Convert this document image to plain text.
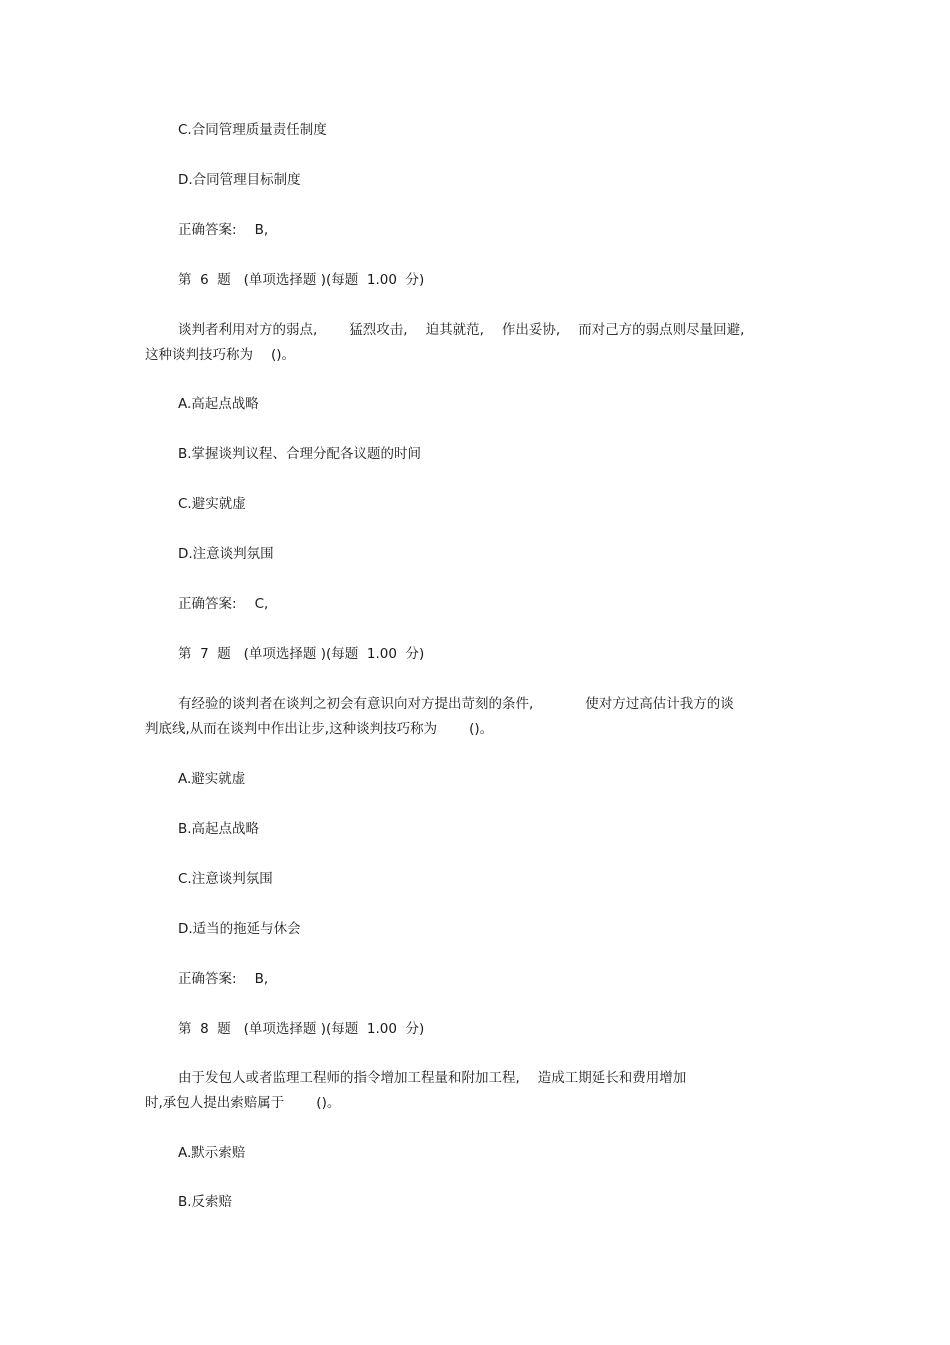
C.合同管理质量责任制度
D.合同管理目标制度
正确答案: B,
第 6 题 (单项选择题 )(每题 1.00 分)
谈判者利用对方的弱点, 猛烈攻击, 迫其就范, 作出妥协, 而对己方的弱点则尽量回避,
这种谈判技巧称为 ()。
A.高起点战略
B.掌握谈判议程、合理分配各议题的时间
C.避实就虚
D.注意谈判氛围
正确答案: C,
第 7 题 (单项选择题 )(每题 1.00 分)
有经验的谈判者在谈判之初会有意识向对方提出苛刻的条件,	使对方过高估计我方的谈
判底线,从而在谈判中作出让步,这种谈判技巧称为 ()。
A.避实就虚
B.高起点战略
C.注意谈判氛围
D.适当的拖延与休会
正确答案: B,
第 8 题 (单项选择题 )(每题 1.00 分)
由于发包人或者监理工程师的指令增加工程量和附加工程, 造成工期延长和费用增加
时,承包人提出索赔属于 ()。
A.默示索赔
B.反索赔
